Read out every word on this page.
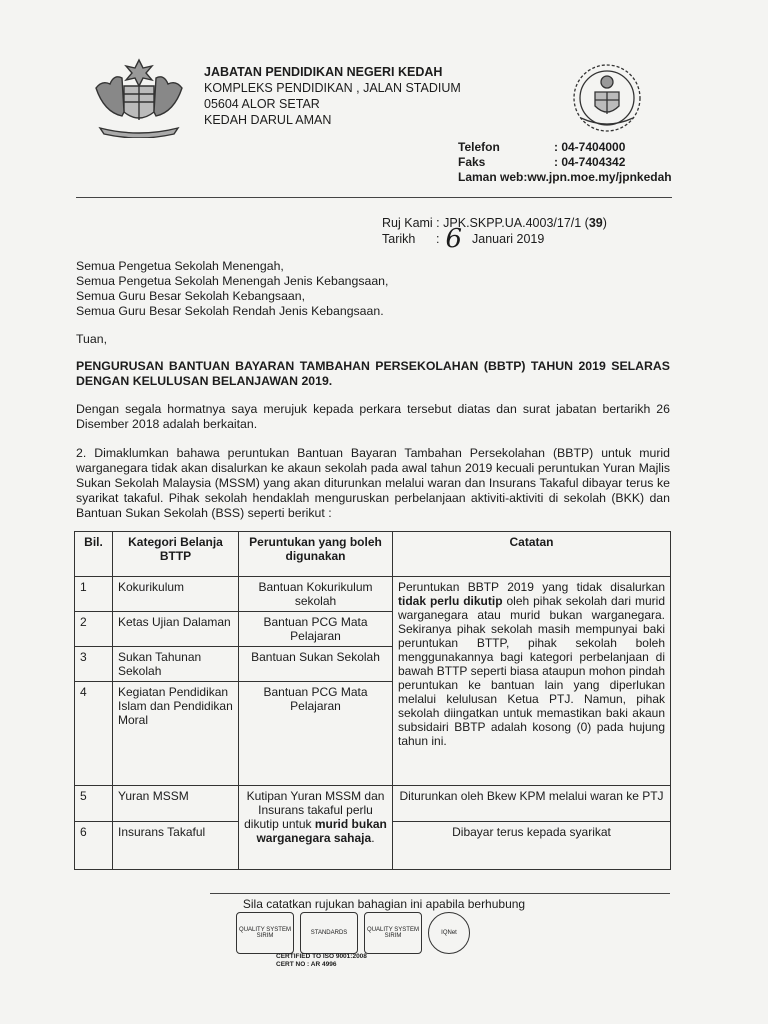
JABATAN PENDIDIKAN NEGERI KEDAH
KOMPLEKS PENDIDIKAN , JALAN STADIUM
05604 ALOR SETAR
KEDAH DARUL AMAN
Telefon	: 04-7404000
Faks	: 04-7404342
Laman web:ww.jpn.moe.my/jpnkedah
Ruj Kami : JPK.SKPP.UA.4003/17/1 (39)
Tarikh	: 6 Januari 2019
Semua Pengetua Sekolah Menengah,
Semua Pengetua Sekolah Menengah Jenis Kebangsaan,
Semua Guru Besar Sekolah Kebangsaan,
Semua Guru Besar Sekolah Rendah Jenis Kebangsaan.
Tuan,
PENGURUSAN BANTUAN BAYARAN TAMBAHAN PERSEKOLAHAN (BBTP) TAHUN 2019 SELARAS DENGAN KELULUSAN BELANJAWAN 2019.
Dengan segala hormatnya saya merujuk kepada perkara tersebut diatas dan surat jabatan bertarikh 26 Disember 2018 adalah berkaitan.
2. Dimaklumkan bahawa peruntukan Bantuan Bayaran Tambahan Persekolahan (BBTP) untuk murid warganegara tidak akan disalurkan ke akaun sekolah pada awal tahun 2019 kecuali peruntukan Yuran Majlis Sukan Sekolah Malaysia (MSSM) yang akan diturunkan melalui waran dan Insurans Takaful dibayar terus ke syarikat takaful. Pihak sekolah hendaklah menguruskan perbelanjaan aktiviti-aktiviti di sekolah (BKK) dan Bantuan Sukan Sekolah (BSS) seperti berikut :
Bil.	Kategori Belanja BTTP	Peruntukan yang boleh digunakan	Catatan
1	Kokurikulum	Bantuan Kokurikulum sekolah	Peruntukan BBTP 2019 yang tidak disalurkan tidak perlu dikutip oleh pihak sekolah dari murid warganegara atau murid bukan warganegara. Sekiranya pihak sekolah masih mempunyai baki peruntukan BTTP, pihak sekolah boleh menggunakannya bagi kategori perbelanjaan di bawah BTTP seperti biasa ataupun mohon pindah peruntukan ke bantuan lain yang diperlukan melalui kelulusan Ketua PTJ. Namun, pihak sekolah diingatkan untuk memastikan baki akaun subsidairi BBTP adalah kosong (0) pada hujung tahun ini.
2	Ketas Ujian Dalaman	Bantuan PCG Mata Pelajaran	
3	Sukan Tahunan Sekolah	Bantuan Sukan Sekolah	
4	Kegiatan Pendidikan Islam dan Pendidikan Moral	Bantuan PCG Mata Pelajaran	
5	Yuran MSSM	Kutipan Yuran MSSM dan Insurans takaful perlu dikutip untuk murid bukan warganegara sahaja.	Diturunkan oleh Bkew KPM melalui waran ke PTJ
6	Insurans Takaful		Dibayar terus kepada syarikat
Sila catatkan rujukan bahagian ini apabila berhubung
QUALITY SYSTEM SIRIM	STANDARDS	QUALITY SYSTEM SIRIM	IQNet
CERTIFIED TO ISO 9001:2008
CERT NO : AR 4996
